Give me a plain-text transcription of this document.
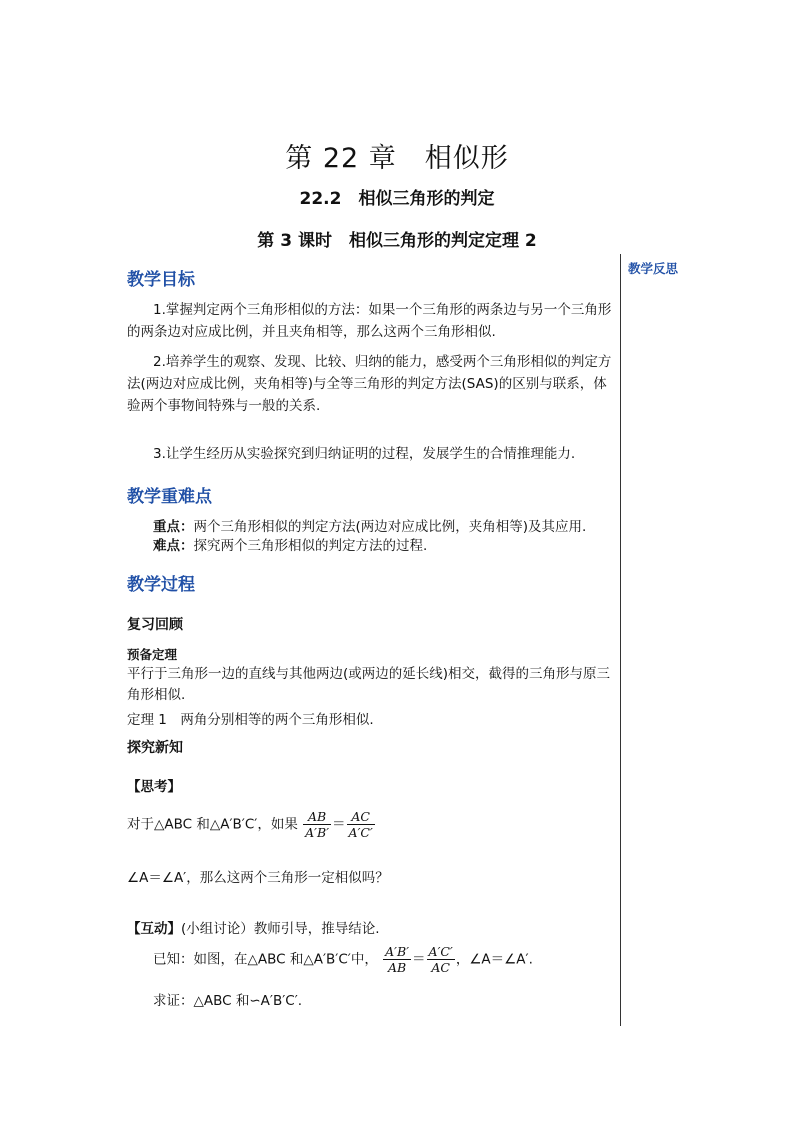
第 22 章　相似形
22.2　相似三角形的判定
第 3 课时　相似三角形的判定定理 2
教学反思
教学目标
1.掌握判定两个三角形相似的方法：如果一个三角形的两条边与另一个三角形的两条边对应成比例，并且夹角相等，那么这两个三角形相似.
2.培养学生的观察、发现、比较、归纳的能力，感受两个三角形相似的判定方法(两边对应成比例，夹角相等)与全等三角形的判定方法(SAS)的区别与联系，体验两个事物间特殊与一般的关系.
3.让学生经历从实验探究到归纳证明的过程，发展学生的合情推理能力.
教学重难点
重点：两个三角形相似的判定方法(两边对应成比例，夹角相等)及其应用.
难点：探究两个三角形相似的判定方法的过程.
教学过程
复习回顾
预备定理
平行于三角形一边的直线与其他两边(或两边的延长线)相交，截得的三角形与原三角形相似.
定理 1　两角分别相等的两个三角形相似.
探究新知
【思考】
对于△ABC 和△A′B′C′，如果 $\frac{AB}{A'B'} = \frac{AC}{A'C'}$
∠A＝∠A′，那么这两个三角形一定相似吗？
【互动】(小组讨论）教师引导，推导结论.
已知：如图，在△ABC 和△A′B′C′中， $\frac{A'B'}{AB} = \frac{A'C'}{AC}$ ，∠A＝∠A′.
求证：△ABC 和∽A′B′C′.
